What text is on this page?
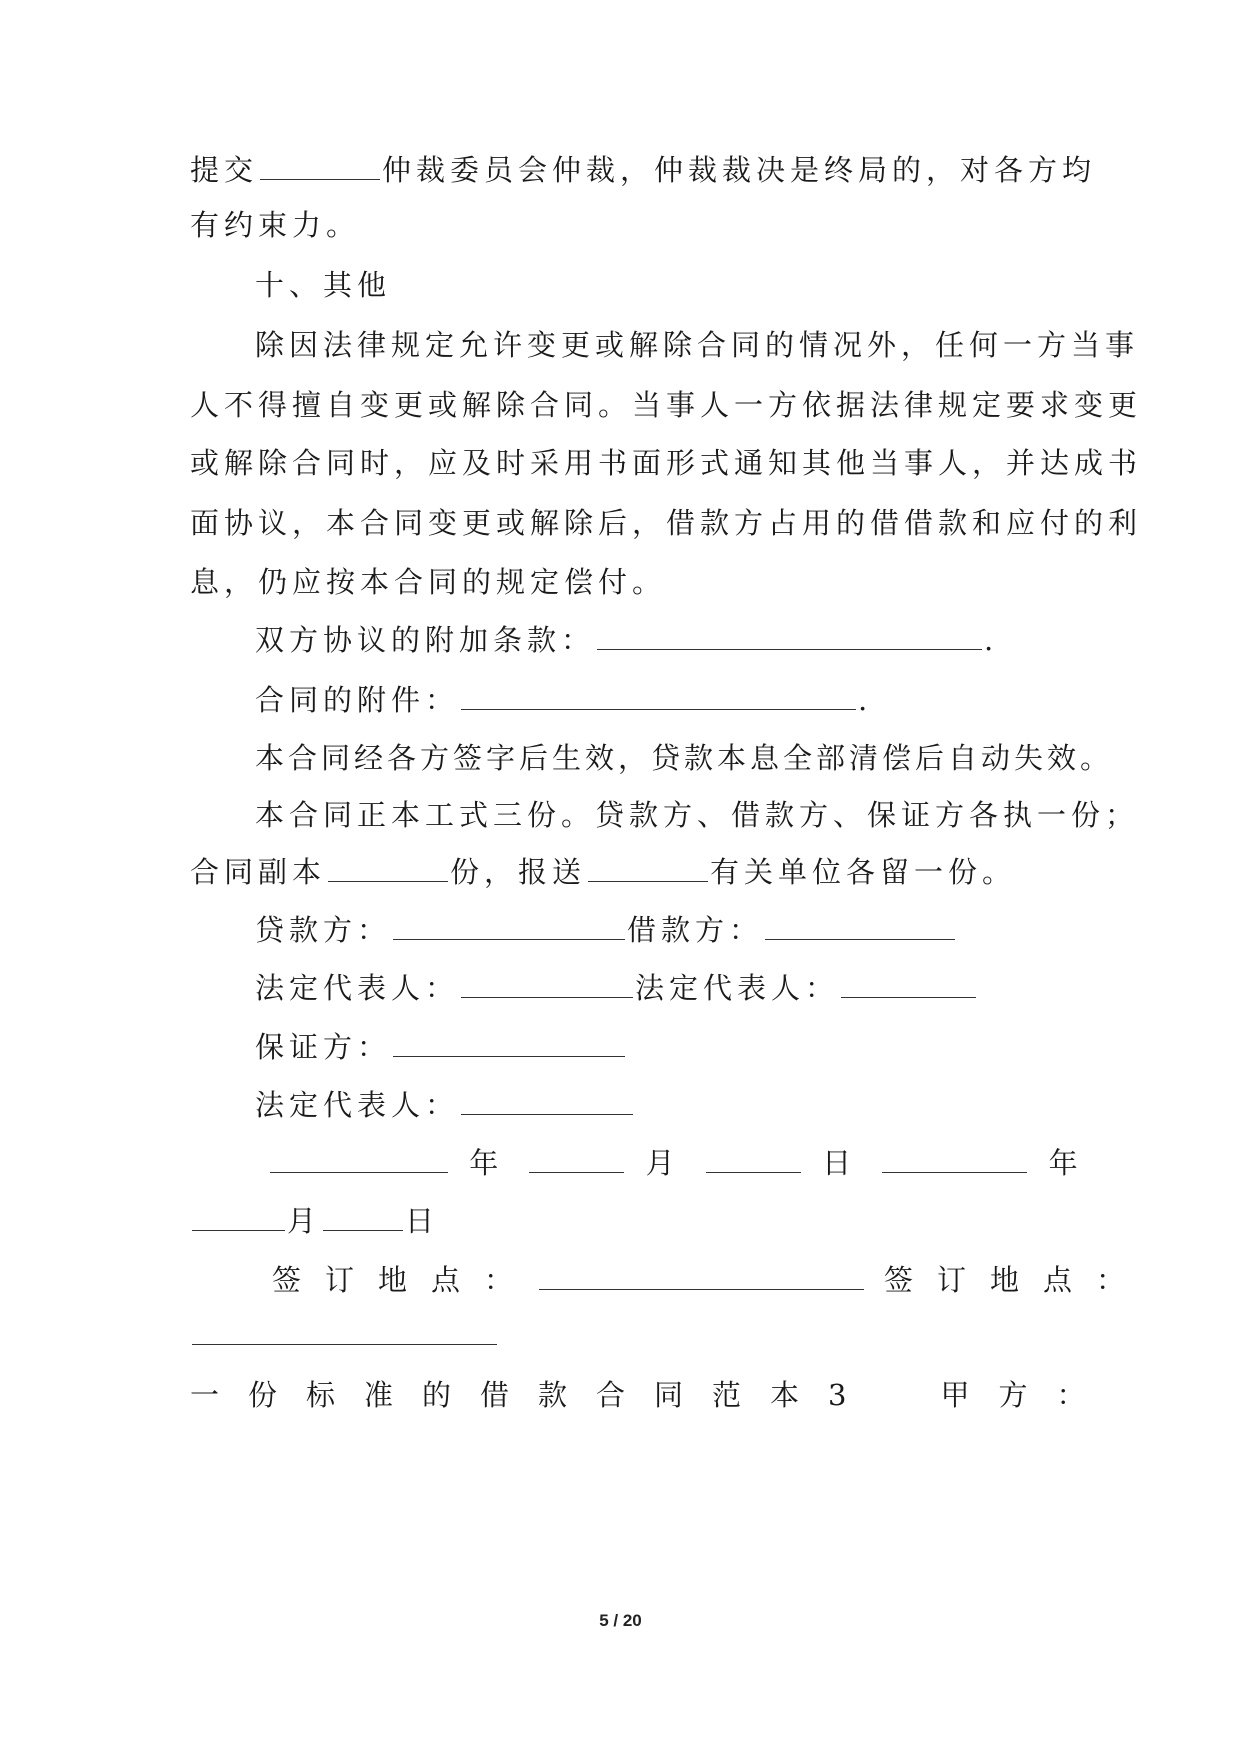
提交	仲裁委员会仲裁，仲裁裁决是终局的，对各方均
有约束力。
十、其他
除因法律规定允许变更或解除合同的情况外，任何一方当事
人不得擅自变更或解除合同。当事人一方依据法律规定要求变更
或解除合同时，应及时采用书面形式通知其他当事人，并达成书
面协议，本合同变更或解除后，借款方占用的借借款和应付的利
息，仍应按本合同的规定偿付。
双方协议的附加条款：	.
合同的附件：	.
本合同经各方签字后生效，贷款本息全部清偿后自动失效。
本合同正本工式三份。贷款方、借款方、保证方各执一份；
合同副本	份，报送	有关单位各留一份。
贷款方：	借款方：
法定代表人：	法定代表人：
保证方：
法定代表人：
年	月	日	年
月	日
签订地点：	签订地点：
一份标准的借款合同范本3 甲方：
5 / 20
